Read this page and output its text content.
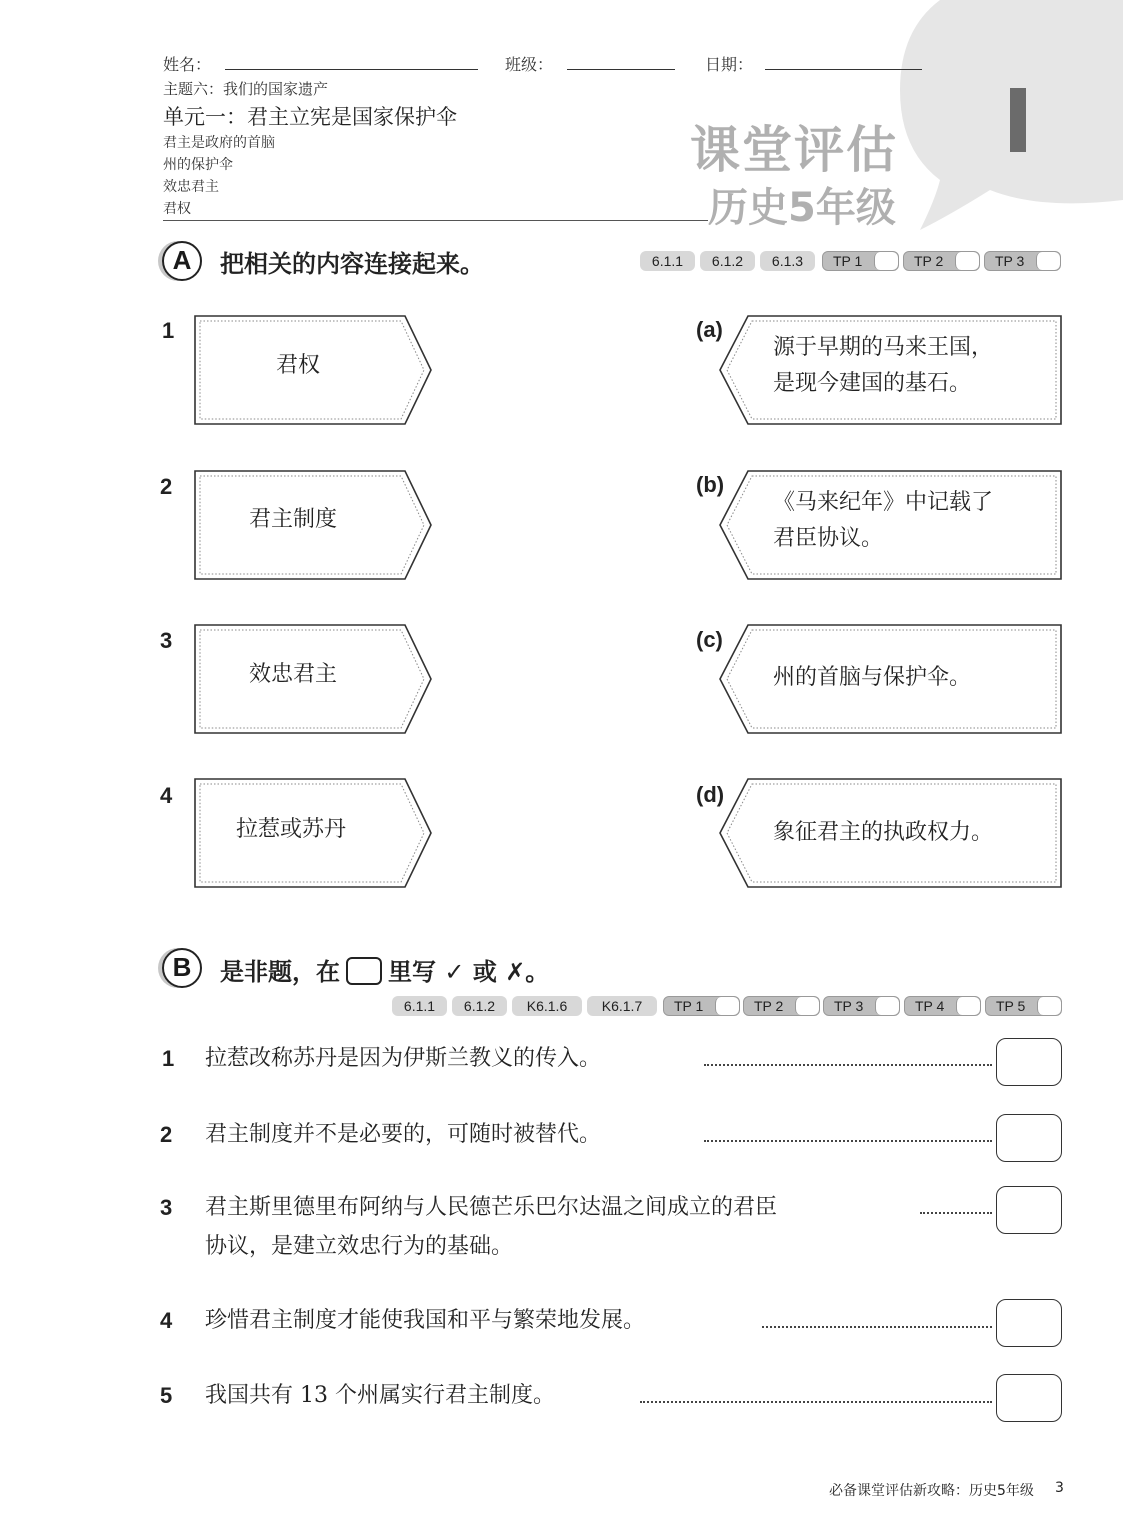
姓名：	班级：	日期：
主题六：我们的国家遗产
单元一：君主立宪是国家保护伞
君主是政府的首脑
州的保护伞
效忠君主
君权
课堂评估
历史5年级
A	把相关的内容连接起来。	6.1.1	6.1.2	6.1.3	TP 1	TP 2	TP 3
1
君权
2
君主制度
3
效忠君主
4
拉惹或苏丹
(a)
源于早期的马来王国，
是现今建国的基石。
(b)
《马来纪年》中记载了
君臣协议。
(c)
州的首脑与保护伞。
(d)
象征君主的执政权力。
B	是非题，在 里写 ✓ 或 ✗。
6.1.1	6.1.2	K6.1.6	K6.1.7	TP 1	TP 2	TP 3	TP 4	TP 5
1 拉惹改称苏丹是因为伊斯兰教义的传入。
2 君主制度并不是必要的，可随时被替代。
3 君主斯里德里布阿纳与人民德芒乐巴尔达温之间成立的君臣
协议，是建立效忠行为的基础。
4 珍惜君主制度才能使我国和平与繁荣地发展。
5 我国共有 13 个州属实行君主制度。
必备课堂评估新攻略：历史5年级 3
